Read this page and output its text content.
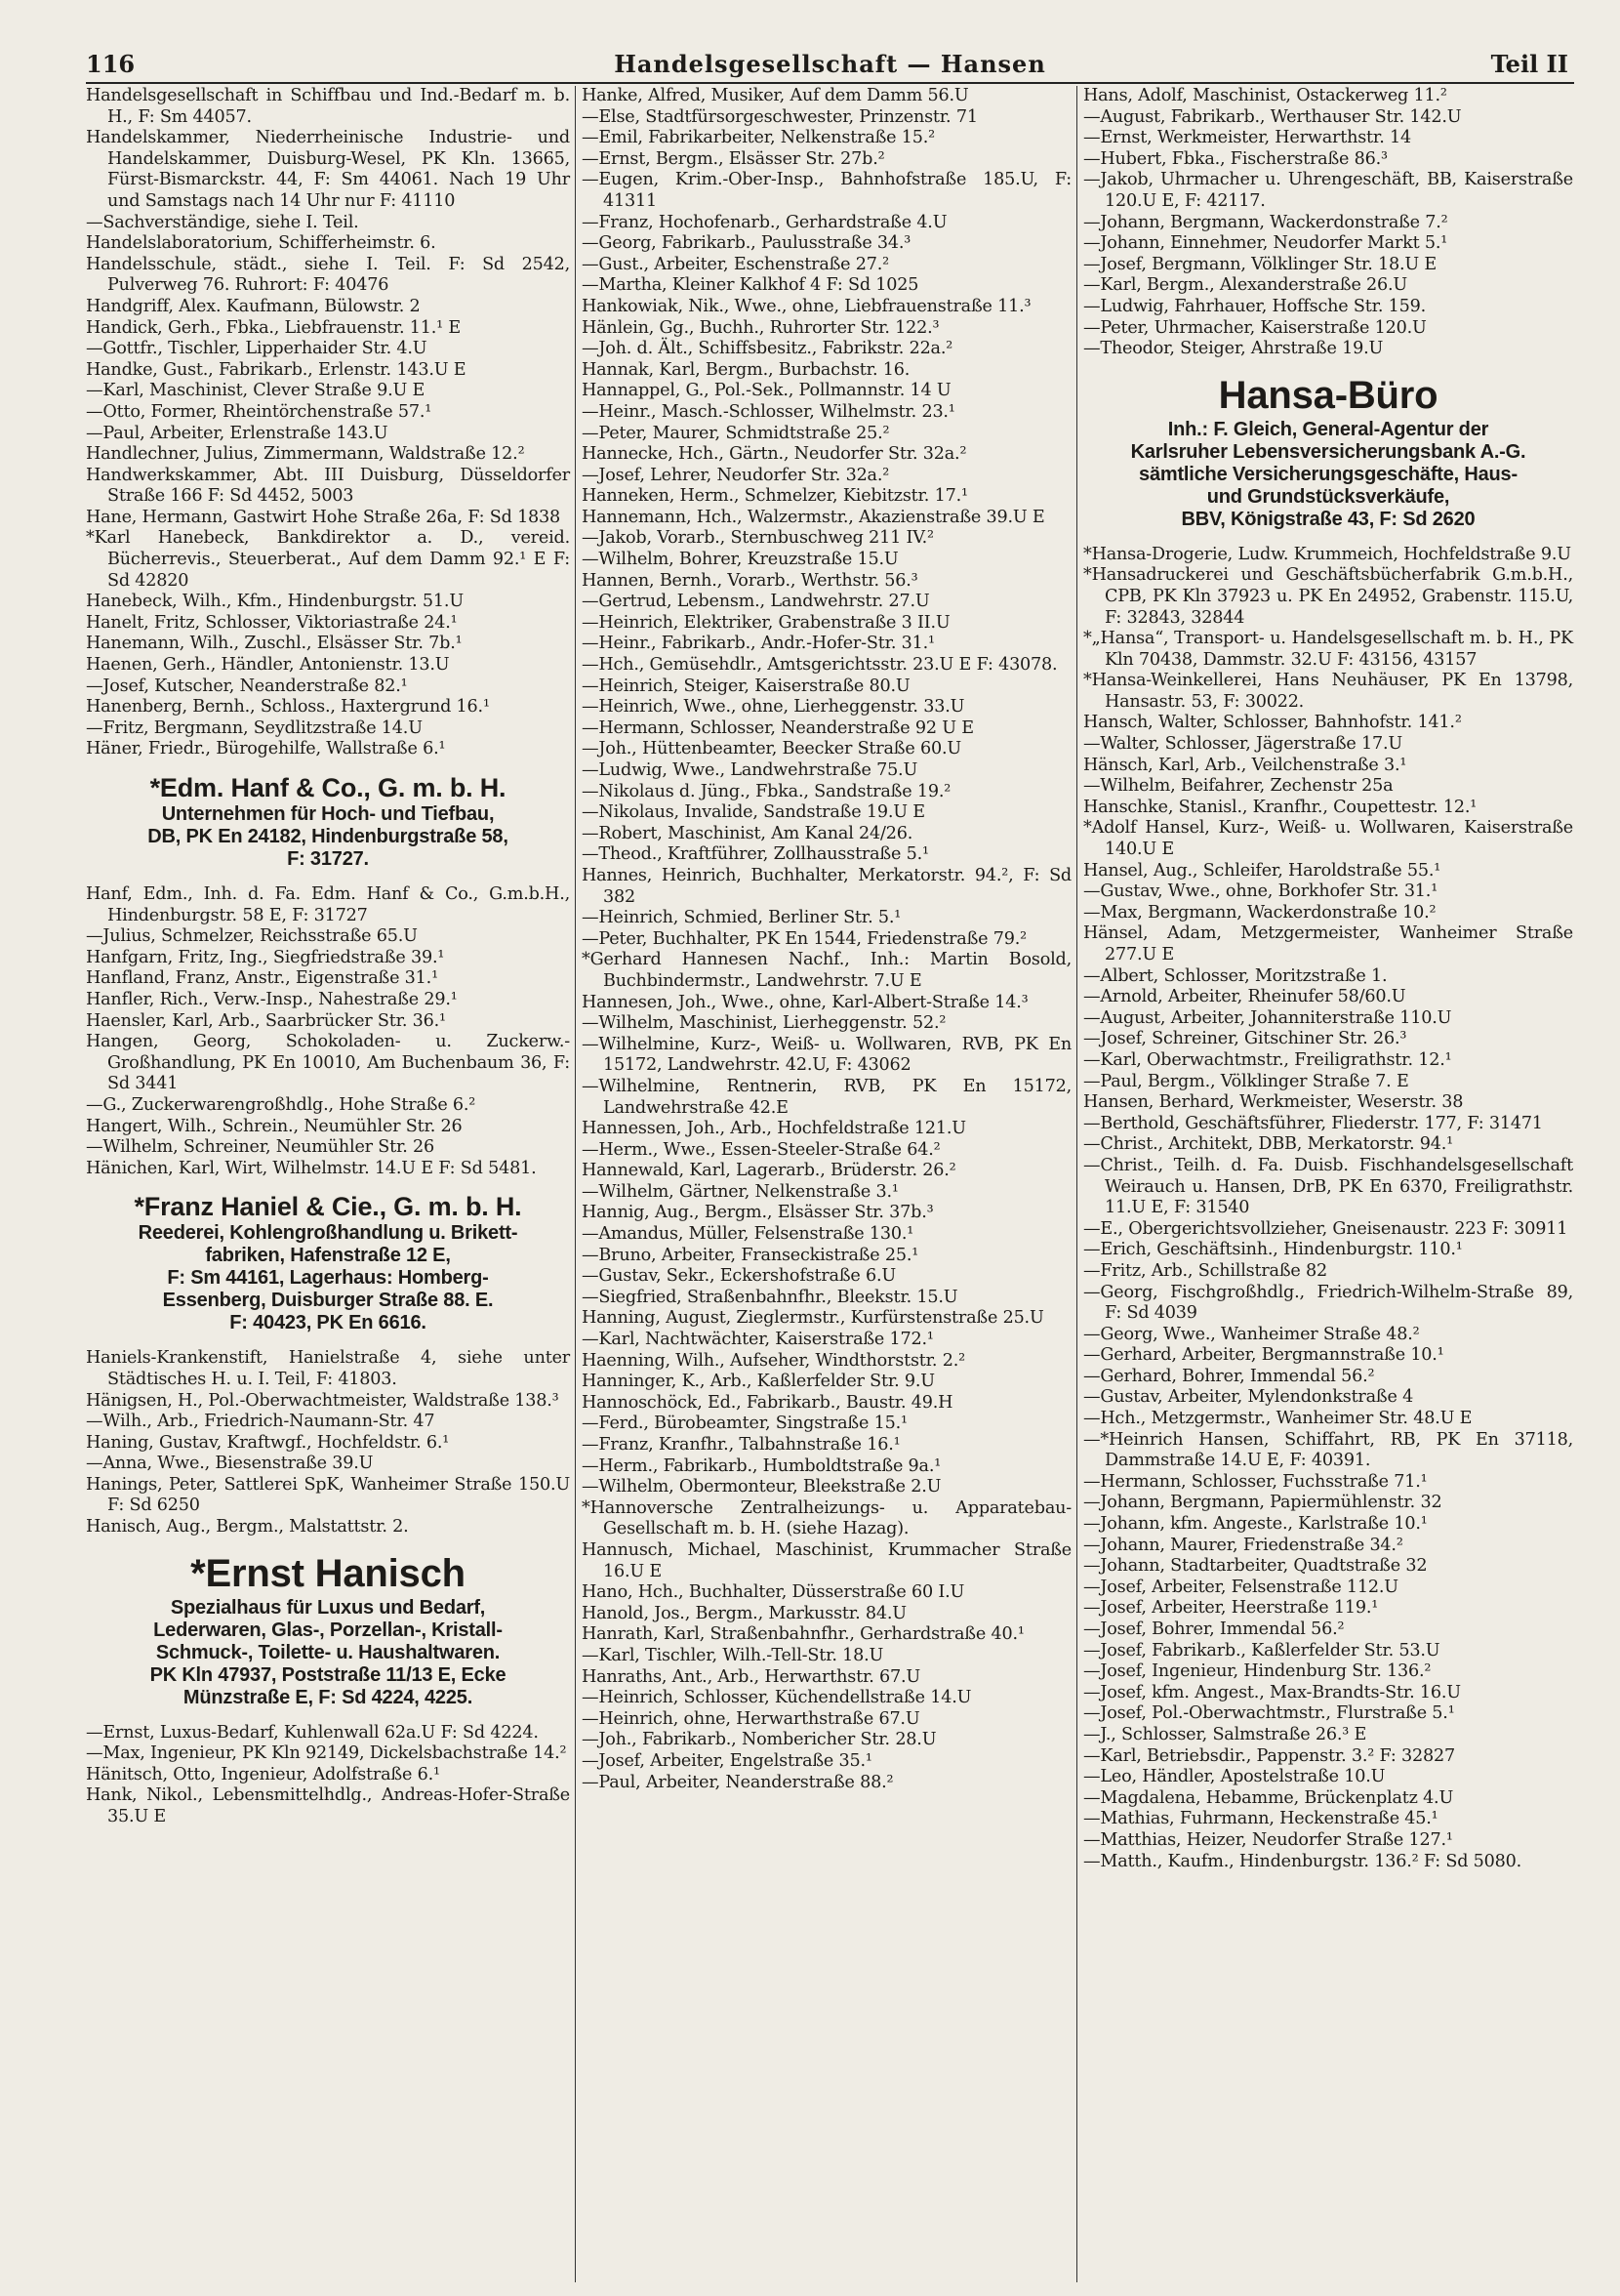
116	Handelsgesellschaft — Hansen	Teil II

Handelsgesellschaft in Schiffbau und Ind.-Bedarf m. b. H., F: Sm 44057.

Handelskammer, Niederrheinische Industrie- und Handelskammer, Duisburg-Wesel, PK Kln. 13665, Fürst-Bismarckstr. 44, F: Sm 44061. Nach 19 Uhr und Samstags nach 14 Uhr nur F: 41110

—Sachverständige, siehe I. Teil.

Handelslaboratorium, Schifferheimstr. 6.

Handelsschule, städt., siehe I. Teil. F: Sd 2542, Pulverweg 76. Ruhrort: F: 40476

Handgriff, Alex. Kaufmann, Bülowstr. 2

Handick, Gerh., Fbka., Liebfrauenstr. 11.¹ E

—Gottfr., Tischler, Lipperhaider Str. 4.U

Handke, Gust., Fabrikarb., Erlenstr. 143.U E

—Karl, Maschinist, Clever Straße 9.U E

—Otto, Former, Rheintörchenstraße 57.¹

—Paul, Arbeiter, Erlenstraße 143.U

Handlechner, Julius, Zimmermann, Waldstraße 12.²

Handwerkskammer, Abt. III Duisburg, Düsseldorfer Straße 166 F: Sd 4452, 5003

Hane, Hermann, Gastwirt Hohe Straße 26a, F: Sd 1838

*Karl Hanebeck, Bankdirektor a. D., vereid. Bücherrevis., Steuerberat., Auf dem Damm 92.¹ E F: Sd 42820

Hanebeck, Wilh., Kfm., Hindenburgstr. 51.U

Hanelt, Fritz, Schlosser, Viktoriastraße 24.¹

Hanemann, Wilh., Zuschl., Elsässer Str. 7b.¹

Haenen, Gerh., Händler, Antonienstr. 13.U

—Josef, Kutscher, Neanderstraße 82.¹

Hanenberg, Bernh., Schloss., Haxtergrund 16.¹

—Fritz, Bergmann, Seydlitzstraße 14.U

Häner, Friedr., Bürogehilfe, Wallstraße 6.¹

*Edm. Hanf & Co., G. m. b. H.
Unternehmen für Hoch- und Tiefbau,
DB, PK En 24182, Hindenburgstraße 58,
F: 31727.

Hanf, Edm., Inh. d. Fa. Edm. Hanf & Co., G.m.b.H., Hindenburgstr. 58 E, F: 31727

—Julius, Schmelzer, Reichsstraße 65.U

Hanfgarn, Fritz, Ing., Siegfriedstraße 39.¹

Hanfland, Franz, Anstr., Eigenstraße 31.¹

Hanfler, Rich., Verw.-Insp., Nahestraße 29.¹

Haensler, Karl, Arb., Saarbrücker Str. 36.¹

Hangen, Georg, Schokoladen- u. Zuckerw.-Großhandlung, PK En 10010, Am Buchenbaum 36, F: Sd 3441

—G., Zuckerwarengroßhdlg., Hohe Straße 6.²

Hangert, Wilh., Schrein., Neumühler Str. 26

—Wilhelm, Schreiner, Neumühler Str. 26

Hänichen, Karl, Wirt, Wilhelmstr. 14.U E F: Sd 5481.

*Franz Haniel & Cie., G. m. b. H.
Reederei, Kohlengroßhandlung u. Brikett-
fabriken, Hafenstraße 12 E,
F: Sm 44161, Lagerhaus: Homberg-
Essenberg, Duisburger Straße 88. E.
F: 40423, PK En 6616.

Haniels-Krankenstift, Hanielstraße 4, siehe unter Städtisches H. u. I. Teil, F: 41803.

Hänigsen, H., Pol.-Oberwachtmeister, Waldstraße 138.³

—Wilh., Arb., Friedrich-Naumann-Str. 47

Haning, Gustav, Kraftwgf., Hochfeldstr. 6.¹

—Anna, Wwe., Biesenstraße 39.U

Hanings, Peter, Sattlerei SpK, Wanheimer Straße 150.U F: Sd 6250

Hanisch, Aug., Bergm., Malstattstr. 2.

*Ernst Hanisch
Spezialhaus für Luxus und Bedarf,
Lederwaren, Glas-, Porzellan-, Kristall-
Schmuck-, Toilette- u. Haushaltwaren.
PK Kln 47937, Poststraße 11/13 E, Ecke
Münzstraße E, F: Sd 4224, 4225.

—Ernst, Luxus-Bedarf, Kuhlenwall 62a.U F: Sd 4224.

—Max, Ingenieur, PK Kln 92149, Dickelsbachstraße 14.²

Hänitsch, Otto, Ingenieur, Adolfstraße 6.¹

Hank, Nikol., Lebensmittelhdlg., Andreas-Hofer-Straße 35.U E

Hanke, Alfred, Musiker, Auf dem Damm 56.U

—Else, Stadtfürsorgeschwester, Prinzenstr. 71

—Emil, Fabrikarbeiter, Nelkenstraße 15.²

—Ernst, Bergm., Elsässer Str. 27b.²

—Eugen, Krim.-Ober-Insp., Bahnhofstraße 185.U, F: 41311

—Franz, Hochofenarb., Gerhardstraße 4.U

—Georg, Fabrikarb., Paulusstraße 34.³

—Gust., Arbeiter, Eschenstraße 27.²

—Martha, Kleiner Kalkhof 4 F: Sd 1025

Hankowiak, Nik., Wwe., ohne, Liebfrauenstraße 11.³

Hänlein, Gg., Buchh., Ruhrorter Str. 122.³

—Joh. d. Ält., Schiffsbesitz., Fabrikstr. 22a.²

Hannak, Karl, Bergm., Burbachstr. 16.

Hannappel, G., Pol.-Sek., Pollmannstr. 14 U

—Heinr., Masch.-Schlosser, Wilhelmstr. 23.¹

—Peter, Maurer, Schmidtstraße 25.²

Hannecke, Hch., Gärtn., Neudorfer Str. 32a.²

—Josef, Lehrer, Neudorfer Str. 32a.²

Hanneken, Herm., Schmelzer, Kiebitzstr. 17.¹

Hannemann, Hch., Walzermstr., Akazienstraße 39.U E

—Jakob, Vorarb., Sternbuschweg 211 IV.²

—Wilhelm, Bohrer, Kreuzstraße 15.U

Hannen, Bernh., Vorarb., Werthstr. 56.³

—Gertrud, Lebensm., Landwehrstr. 27.U

—Heinrich, Elektriker, Grabenstraße 3 II.U

—Heinr., Fabrikarb., Andr.-Hofer-Str. 31.¹

—Hch., Gemüsehdlr., Amtsgerichtsstr. 23.U E F: 43078.

—Heinrich, Steiger, Kaiserstraße 80.U

—Heinrich, Wwe., ohne, Lierheggenstr. 33.U

—Hermann, Schlosser, Neanderstraße 92 U E

—Joh., Hüttenbeamter, Beecker Straße 60.U

—Ludwig, Wwe., Landwehrstraße 75.U

—Nikolaus d. Jüng., Fbka., Sandstraße 19.²

—Nikolaus, Invalide, Sandstraße 19.U E

—Robert, Maschinist, Am Kanal 24/26.

—Theod., Kraftführer, Zollhausstraße 5.¹

Hannes, Heinrich, Buchhalter, Merkatorstr. 94.², F: Sd 382

—Heinrich, Schmied, Berliner Str. 5.¹

—Peter, Buchhalter, PK En 1544, Friedenstraße 79.²

*Gerhard Hannesen Nachf., Inh.: Martin Bosold, Buchbindermstr., Landwehrstr. 7.U E

Hannesen, Joh., Wwe., ohne, Karl-Albert-Straße 14.³

—Wilhelm, Maschinist, Lierheggenstr. 52.²

—Wilhelmine, Kurz-, Weiß- u. Wollwaren, RVB, PK En 15172, Landwehrstr. 42.U, F: 43062

—Wilhelmine, Rentnerin, RVB, PK En 15172, Landwehrstraße 42.E

Hannessen, Joh., Arb., Hochfeldstraße 121.U

—Herm., Wwe., Essen-Steeler-Straße 64.²

Hannewald, Karl, Lagerarb., Brüderstr. 26.²

—Wilhelm, Gärtner, Nelkenstraße 3.¹

Hannig, Aug., Bergm., Elsässer Str. 37b.³

—Amandus, Müller, Felsenstraße 130.¹

—Bruno, Arbeiter, Franseckistraße 25.¹

—Gustav, Sekr., Eckershofstraße 6.U

—Siegfried, Straßenbahnfhr., Bleekstr. 15.U

Hanning, August, Zieglermstr., Kurfürstenstraße 25.U

—Karl, Nachtwächter, Kaiserstraße 172.¹

Haenning, Wilh., Aufseher, Windthorststr. 2.²

Hanninger, K., Arb., Kaßlerfelder Str. 9.U

Hannoschöck, Ed., Fabrikarb., Baustr. 49.H

—Ferd., Bürobeamter, Singstraße 15.¹

—Franz, Kranfhr., Talbahnstraße 16.¹

—Herm., Fabrikarb., Humboldtstraße 9a.¹

—Wilhelm, Obermonteur, Bleekstraße 2.U

*Hannoversche Zentralheizungs- u. Apparatebau-Gesellschaft m. b. H. (siehe Hazag).

Hannusch, Michael, Maschinist, Krummacher Straße 16.U E

Hano, Hch., Buchhalter, Düsserstraße 60 I.U

Hanold, Jos., Bergm., Markusstr. 84.U

Hanrath, Karl, Straßenbahnfhr., Gerhardstraße 40.¹

—Karl, Tischler, Wilh.-Tell-Str. 18.U

Hanraths, Ant., Arb., Herwarthstr. 67.U

—Heinrich, Schlosser, Küchendellstraße 14.U

—Heinrich, ohne, Herwarthstraße 67.U

—Joh., Fabrikarb., Nombericher Str. 28.U

—Josef, Arbeiter, Engelstraße 35.¹

—Paul, Arbeiter, Neanderstraße 88.²

Hans, Adolf, Maschinist, Ostackerweg 11.²

—August, Fabrikarb., Werthauser Str. 142.U

—Ernst, Werkmeister, Herwarthstr. 14

—Hubert, Fbka., Fischerstraße 86.³

—Jakob, Uhrmacher u. Uhrengeschäft, BB, Kaiserstraße 120.U E, F: 42117.

—Johann, Bergmann, Wackerdonstraße 7.²

—Johann, Einnehmer, Neudorfer Markt 5.¹

—Josef, Bergmann, Völklinger Str. 18.U E

—Karl, Bergm., Alexanderstraße 26.U

—Ludwig, Fahrhauer, Hoffsche Str. 159.

—Peter, Uhrmacher, Kaiserstraße 120.U

—Theodor, Steiger, Ahrstraße 19.U

Hansa-Büro
Inh.: F. Gleich, General-Agentur der
Karlsruher Lebensversicherungsbank A.-G.
sämtliche Versicherungsgeschäfte, Haus-
und Grundstücksverkäufe,
BBV, Königstraße 43, F: Sd 2620

*Hansa-Drogerie, Ludw. Krummeich, Hochfeldstraße 9.U

*Hansadruckerei und Geschäftsbücherfabrik G.m.b.H., CPB, PK Kln 37923 u. PK En 24952, Grabenstr. 115.U, F: 32843, 32844

*„Hansa“, Transport- u. Handelsgesellschaft m. b. H., PK Kln 70438, Dammstr. 32.U F: 43156, 43157

*Hansa-Weinkellerei, Hans Neuhäuser, PK En 13798, Hansastr. 53, F: 30022.

Hansch, Walter, Schlosser, Bahnhofstr. 141.²

—Walter, Schlosser, Jägerstraße 17.U

Hänsch, Karl, Arb., Veilchenstraße 3.¹

—Wilhelm, Beifahrer, Zechenstr 25a

Hanschke, Stanisl., Kranfhr., Coupettestr. 12.¹

*Adolf Hansel, Kurz-, Weiß- u. Wollwaren, Kaiserstraße 140.U E

Hansel, Aug., Schleifer, Haroldstraße 55.¹

—Gustav, Wwe., ohne, Borkhofer Str. 31.¹

—Max, Bergmann, Wackerdonstraße 10.²

Hänsel, Adam, Metzgermeister, Wanheimer Straße 277.U E

—Albert, Schlosser, Moritzstraße 1.

—Arnold, Arbeiter, Rheinufer 58/60.U

—August, Arbeiter, Johanniterstraße 110.U

—Josef, Schreiner, Gitschiner Str. 26.³

—Karl, Oberwachtmstr., Freiligrathstr. 12.¹

—Paul, Bergm., Völklinger Straße 7. E

Hansen, Berhard, Werkmeister, Weserstr. 38

—Berthold, Geschäftsführer, Fliederstr. 177, F: 31471

—Christ., Architekt, DBB, Merkatorstr. 94.¹

—Christ., Teilh. d. Fa. Duisb. Fischhandelsgesellschaft Weirauch u. Hansen, DrB, PK En 6370, Freiligrathstr. 11.U E, F: 31540

—E., Obergerichtsvollzieher, Gneisenaustr. 223 F: 30911

—Erich, Geschäftsinh., Hindenburgstr. 110.¹

—Fritz, Arb., Schillstraße 82

—Georg, Fischgroßhdlg., Friedrich-Wilhelm-Straße 89, F: Sd 4039

—Georg, Wwe., Wanheimer Straße 48.²

—Gerhard, Arbeiter, Bergmannstraße 10.¹

—Gerhard, Bohrer, Immendal 56.²

—Gustav, Arbeiter, Mylendonkstraße 4

—Hch., Metzgermstr., Wanheimer Str. 48.U E

—*Heinrich Hansen, Schiffahrt, RB, PK En 37118, Dammstraße 14.U E, F: 40391.

—Hermann, Schlosser, Fuchsstraße 71.¹

—Johann, Bergmann, Papiermühlenstr. 32

—Johann, kfm. Angeste., Karlstraße 10.¹

—Johann, Maurer, Friedenstraße 34.²

—Johann, Stadtarbeiter, Quadtstraße 32

—Josef, Arbeiter, Felsenstraße 112.U

—Josef, Arbeiter, Heerstraße 119.¹

—Josef, Bohrer, Immendal 56.²

—Josef, Fabrikarb., Kaßlerfelder Str. 53.U

—Josef, Ingenieur, Hindenburg Str. 136.²

—Josef, kfm. Angest., Max-Brandts-Str. 16.U

—Josef, Pol.-Oberwachtmstr., Flurstraße 5.¹

—J., Schlosser, Salmstraße 26.³ E

—Karl, Betriebsdir., Pappenstr. 3.² F: 32827

—Leo, Händler, Apostelstraße 10.U

—Magdalena, Hebamme, Brückenplatz 4.U

—Mathias, Fuhrmann, Heckenstraße 45.¹

—Matthias, Heizer, Neudorfer Straße 127.¹

—Matth., Kaufm., Hindenburgstr. 136.² F: Sd 5080.
